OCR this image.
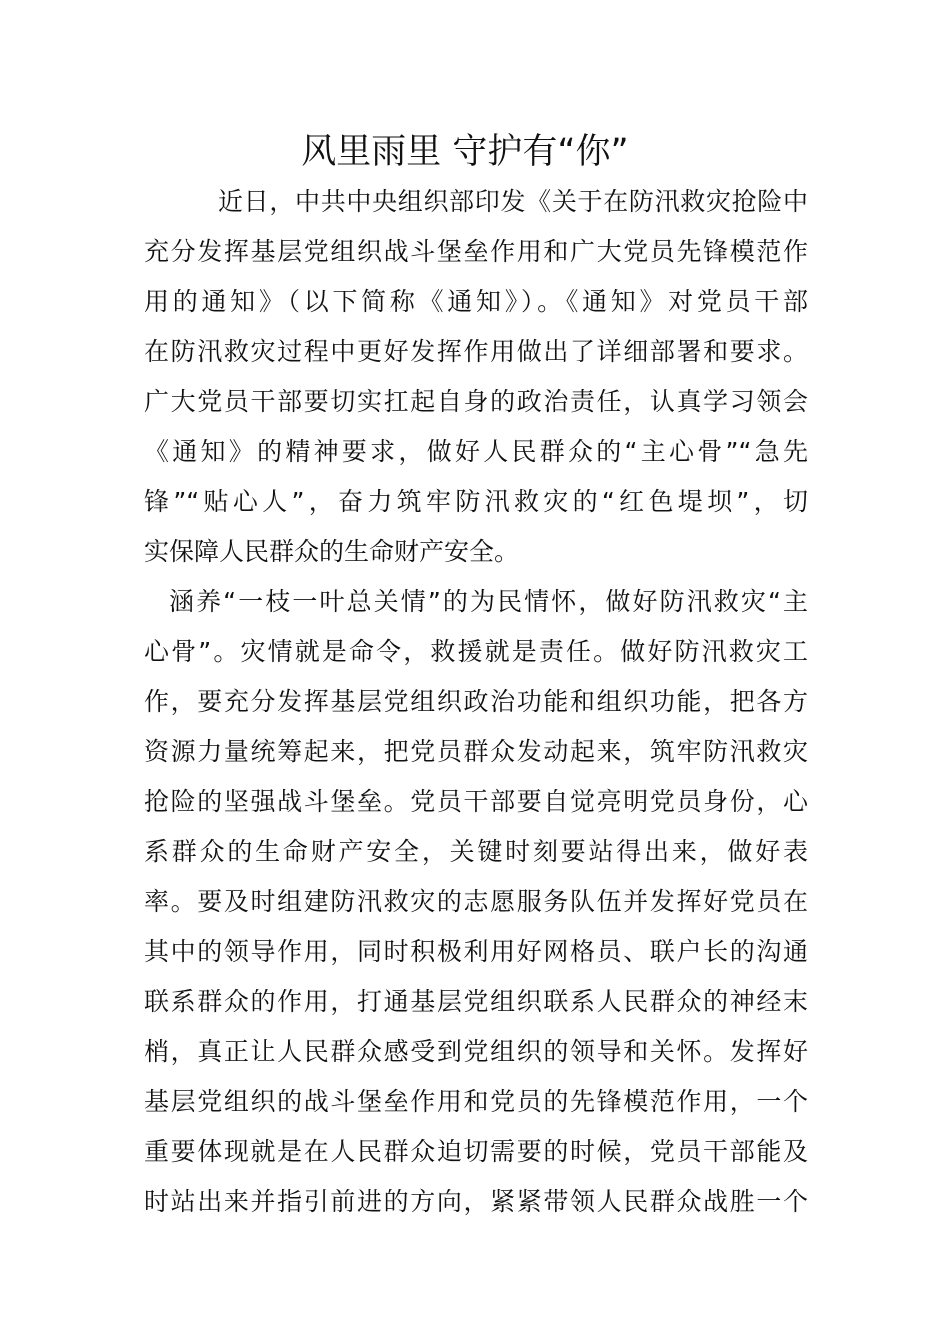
风里雨里 守护有“你”
近日，中共中央组织部印发《关于在防汛救灾抢险中
充分发挥基层党组织战斗堡垒作用和广大党员先锋模范作
用的通知》（以下简称《通知》）。《通知》对党员干部
在防汛救灾过程中更好发挥作用做出了详细部署和要求。
广大党员干部要切实扛起自身的政治责任，认真学习领会
《通知》的精神要求，做好人民群众的“主心骨”“急先
锋”“贴心人”，奋力筑牢防汛救灾的“红色堤坝”，切
实保障人民群众的生命财产安全。
涵养“一枝一叶总关情”的为民情怀，做好防汛救灾“主
心骨”。灾情就是命令，救援就是责任。做好防汛救灾工
作，要充分发挥基层党组织政治功能和组织功能，把各方
资源力量统筹起来，把党员群众发动起来，筑牢防汛救灾
抢险的坚强战斗堡垒。党员干部要自觉亮明党员身份，心
系群众的生命财产安全，关键时刻要站得出来，做好表
率。要及时组建防汛救灾的志愿服务队伍并发挥好党员在
其中的领导作用，同时积极利用好网格员、联户长的沟通
联系群众的作用，打通基层党组织联系人民群众的神经末
梢，真正让人民群众感受到党组织的领导和关怀。发挥好
基层党组织的战斗堡垒作用和党员的先锋模范作用，一个
重要体现就是在人民群众迫切需要的时候，党员干部能及
时站出来并指引前进的方向，紧紧带领人民群众战胜一个
